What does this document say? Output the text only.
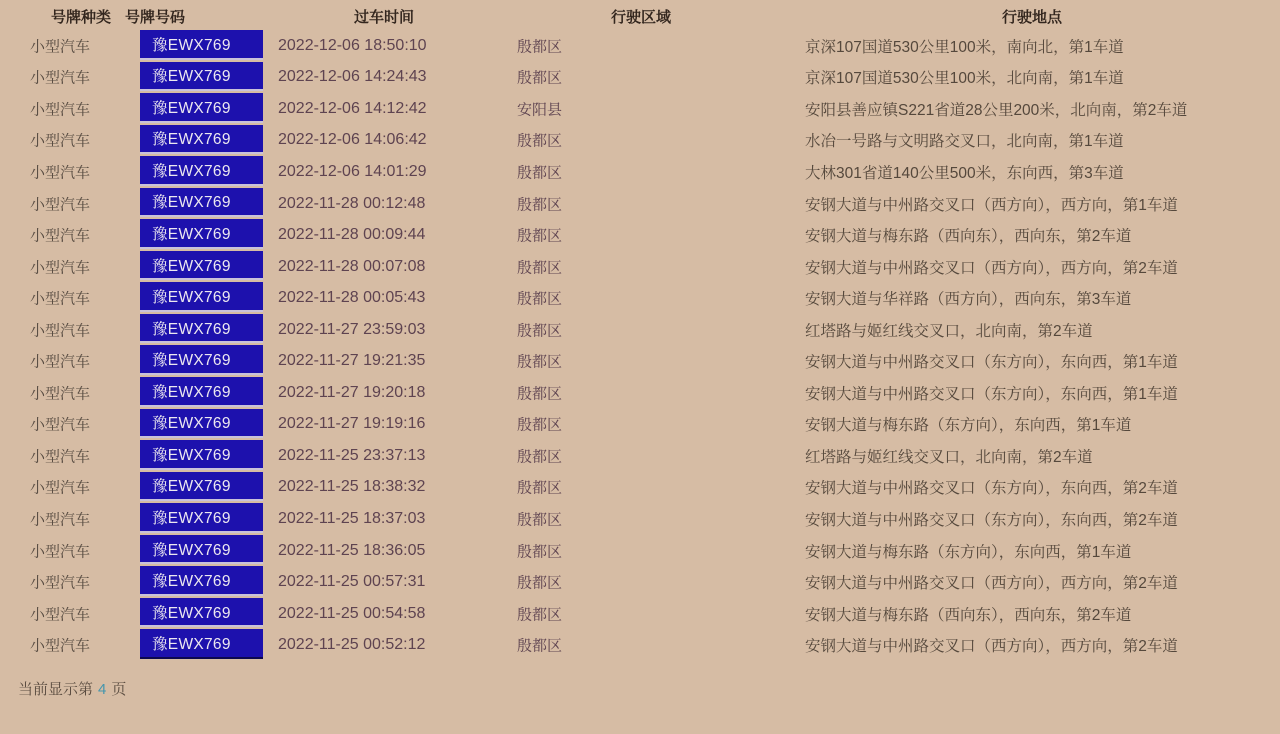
号牌种类 号牌号码	过车时间	行驶区域	行驶地点
小型汽车	豫EWX769	2022-12-06 18:50:10	殷都区	京深107国道530公里100米，南向北，第1车道
小型汽车	豫EWX769	2022-12-06 14:24:43	殷都区	京深107国道530公里100米，北向南，第1车道
小型汽车	豫EWX769	2022-12-06 14:12:42	安阳县	安阳县善应镇S221省道28公里200米，北向南，第2车道
小型汽车	豫EWX769	2022-12-06 14:06:42	殷都区	水冶一号路与文明路交叉口，北向南，第1车道
小型汽车	豫EWX769	2022-12-06 14:01:29	殷都区	大林301省道140公里500米，东向西，第3车道
小型汽车	豫EWX769	2022-11-28 00:12:48	殷都区	安钢大道与中州路交叉口（西方向），西方向，第1车道
小型汽车	豫EWX769	2022-11-28 00:09:44	殷都区	安钢大道与梅东路（西向东），西向东，第2车道
小型汽车	豫EWX769	2022-11-28 00:07:08	殷都区	安钢大道与中州路交叉口（西方向），西方向，第2车道
小型汽车	豫EWX769	2022-11-28 00:05:43	殷都区	安钢大道与华祥路（西方向），西向东，第3车道
小型汽车	豫EWX769	2022-11-27 23:59:03	殷都区	红塔路与姬红线交叉口，北向南，第2车道
小型汽车	豫EWX769	2022-11-27 19:21:35	殷都区	安钢大道与中州路交叉口（东方向），东向西，第1车道
小型汽车	豫EWX769	2022-11-27 19:20:18	殷都区	安钢大道与中州路交叉口（东方向），东向西，第1车道
小型汽车	豫EWX769	2022-11-27 19:19:16	殷都区	安钢大道与梅东路（东方向），东向西，第1车道
小型汽车	豫EWX769	2022-11-25 23:37:13	殷都区	红塔路与姬红线交叉口，北向南，第2车道
小型汽车	豫EWX769	2022-11-25 18:38:32	殷都区	安钢大道与中州路交叉口（东方向），东向西，第2车道
小型汽车	豫EWX769	2022-11-25 18:37:03	殷都区	安钢大道与中州路交叉口（东方向），东向西，第2车道
小型汽车	豫EWX769	2022-11-25 18:36:05	殷都区	安钢大道与梅东路（东方向），东向西，第1车道
小型汽车	豫EWX769	2022-11-25 00:57:31	殷都区	安钢大道与中州路交叉口（西方向），西方向，第2车道
小型汽车	豫EWX769	2022-11-25 00:54:58	殷都区	安钢大道与梅东路（西向东），西向东，第2车道
小型汽车	豫EWX769	2022-11-25 00:52:12	殷都区	安钢大道与中州路交叉口（西方向），西方向，第2车道
当前显示第 4 页
